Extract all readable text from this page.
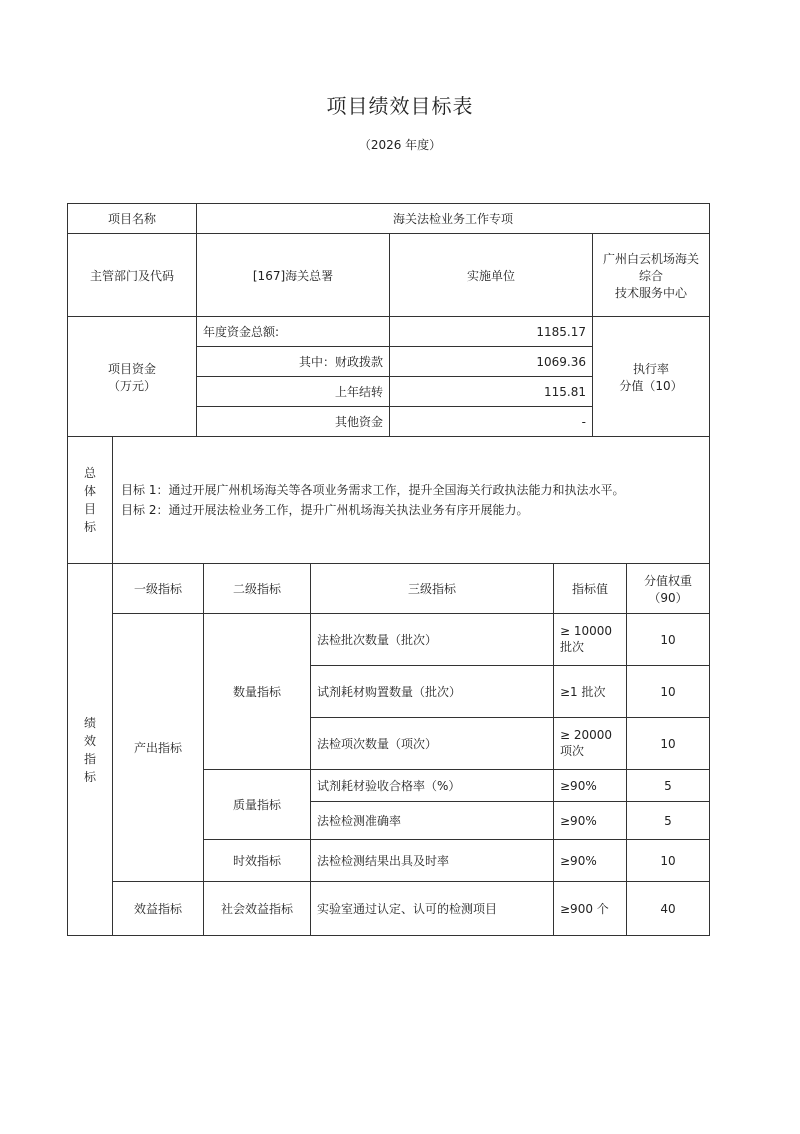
项目绩效目标表
（2026 年度）
项目名称		海关法检业务工作专项		
主管部门及代码		[167]海关总署	实施单位	广州白云机场海关综合
技术服务中心
项目资金
（万元）		年度资金总额:	1185.17	执行率
分值（10）
		其中：财政拨款	1069.36	
		上年结转	115.81	
		其他资金	-	
总体目标	目标 1：通过开展广州机场海关等各项业务需求工作，提升全国海关行政执法能力和执法水平。
目标 2：通过开展法检业务工作，提升广州机场海关执法业务有序开展能力。			
绩效指标	一级指标	二级指标	三级指标	指标值	分值权重
（90）
	产出指标	数量指标	法检批次数量（批次）	≥ 10000
批次	10
			试剂耗材购置数量（批次）	≥1 批次	10
			法检项次数量（项次）	≥ 20000
项次	10
		质量指标	试剂耗材验收合格率（%）	≥90%	5
			法检检测准确率	≥90%	5
		时效指标	法检检测结果出具及时率	≥90%	10
	效益指标	社会效益指标	实验室通过认定、认可的检测项目	≥900 个	40
